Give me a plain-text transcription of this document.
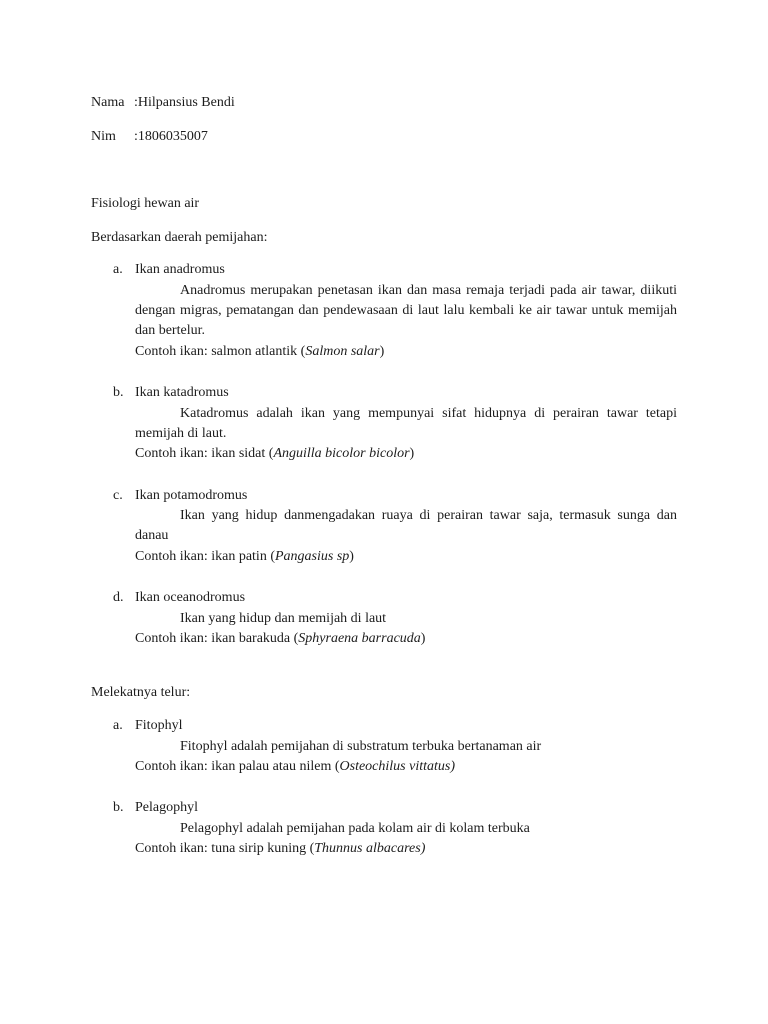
Nama :Hilpansius Bendi
Nim :1806035007
Fisiologi hewan air
Berdasarkan daerah pemijahan:
a. Ikan anadromus
Anadromus merupakan penetasan ikan dan masa remaja terjadi pada air tawar, diikuti dengan migras, pematangan dan pendewasaan di laut lalu kembali ke air tawar untuk memijah dan bertelur.
Contoh ikan: salmon atlantik (Salmon salar)
b. Ikan katadromus
Katadromus adalah ikan yang mempunyai sifat hidupnya di perairan tawar tetapi memijah di laut.
Contoh ikan: ikan sidat (Anguilla bicolor bicolor)
c. Ikan potamodromus
Ikan yang hidup danmengadakan ruaya di perairan tawar saja, termasuk sunga dan danau
Contoh ikan: ikan patin (Pangasius sp)
d. Ikan oceanodromus
Ikan yang hidup dan memijah di laut
Contoh ikan: ikan barakuda (Sphyraena barracuda)
Melekatnya telur:
a. Fitophyl
Fitophyl adalah pemijahan di substratum terbuka bertanaman air
Contoh ikan: ikan palau atau nilem (Osteochilus vittatus)
b. Pelagophyl
Pelagophyl adalah pemijahan pada kolam air di kolam terbuka
Contoh ikan: tuna sirip kuning (Thunnus albacares)
